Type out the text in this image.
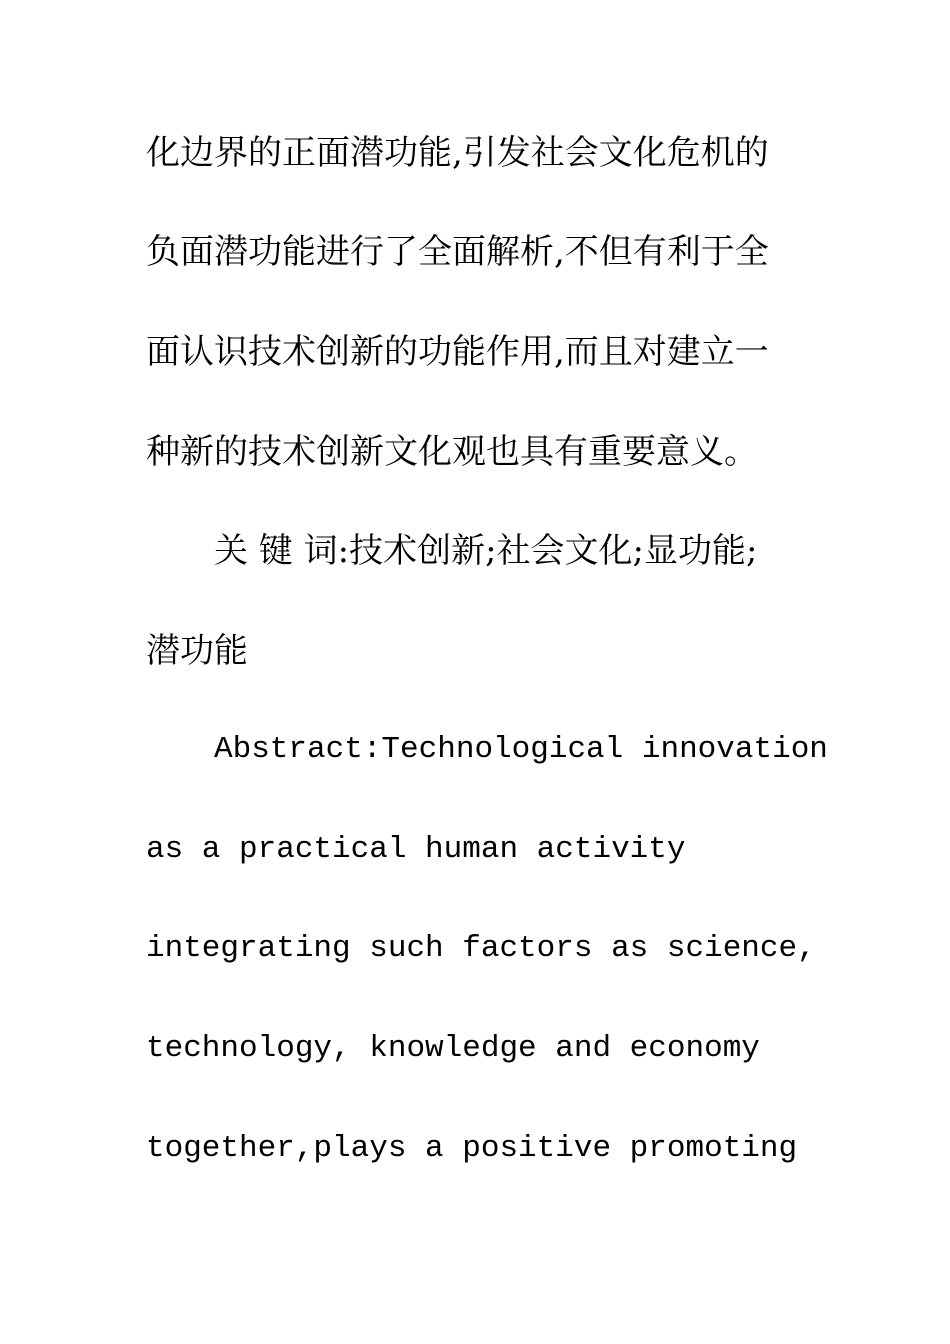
化边界的正面潜功能,引发社会文化危机的

负面潜功能进行了全面解析,不但有利于全

面认识技术创新的功能作用,而且对建立一

种新的技术创新文化观也具有重要意义。

关 键 词:技术创新;社会文化;显功能;

潜功能

Abstract:Technological innovation

as a practical human activity

integrating such factors as science,

technology, knowledge and economy

together,plays a positive promoting
